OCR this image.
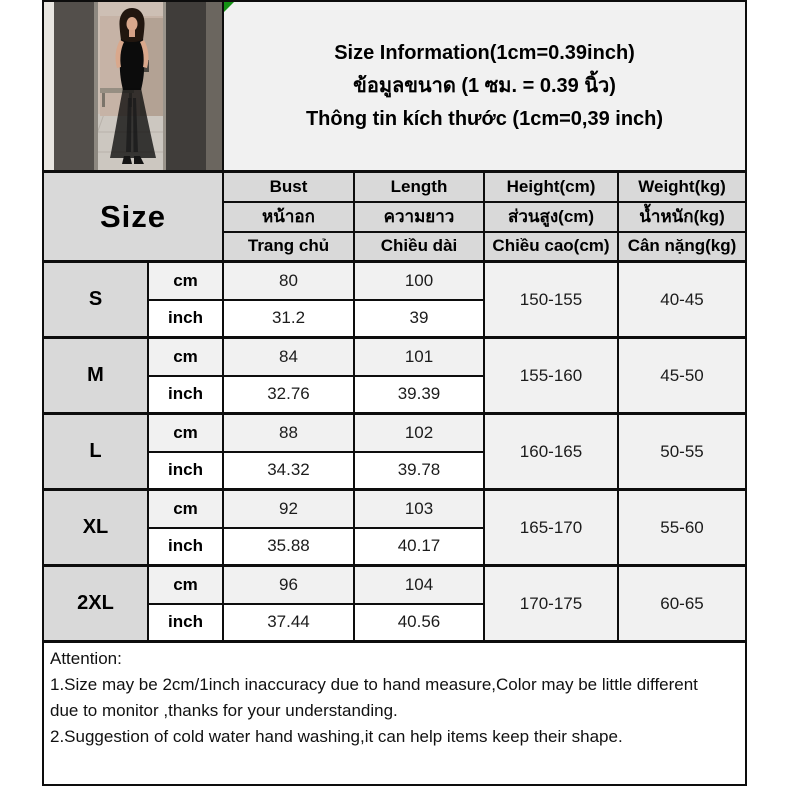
Size Information(1cm=0.39inch)
ข้อมูลขนาด (1 ซม. = 0.39 นิ้ว)
Thông tin kích thước (1cm=0,39 inch)			

Size		Bust	Length	Height(cm)	Weight(kg)
		หน้าอก	ความยาว	ส่วนสูง(cm)	น้ำหนัก(kg)
		Trang chủ	Chiều dài	Chiều cao(cm)	Cân nặng(kg)
S	cm	80	100	150-155	40-45
	inch	31.2	39		
M	cm	84	101	155-160	45-50
	inch	32.76	39.39		
L	cm	88	102	160-165	50-55
	inch	34.32	39.78		
XL	cm	92	103	165-170	55-60
	inch	35.88	40.17		
2XL	cm	96	104	170-175	60-65
	inch	37.44	40.56		

Attention:
1.Size may be 2cm/1inch inaccuracy due to hand measure,Color may be little different
due to monitor ,thanks for your understanding.
2.Suggestion of cold water hand washing,it can help items keep their shape.					
